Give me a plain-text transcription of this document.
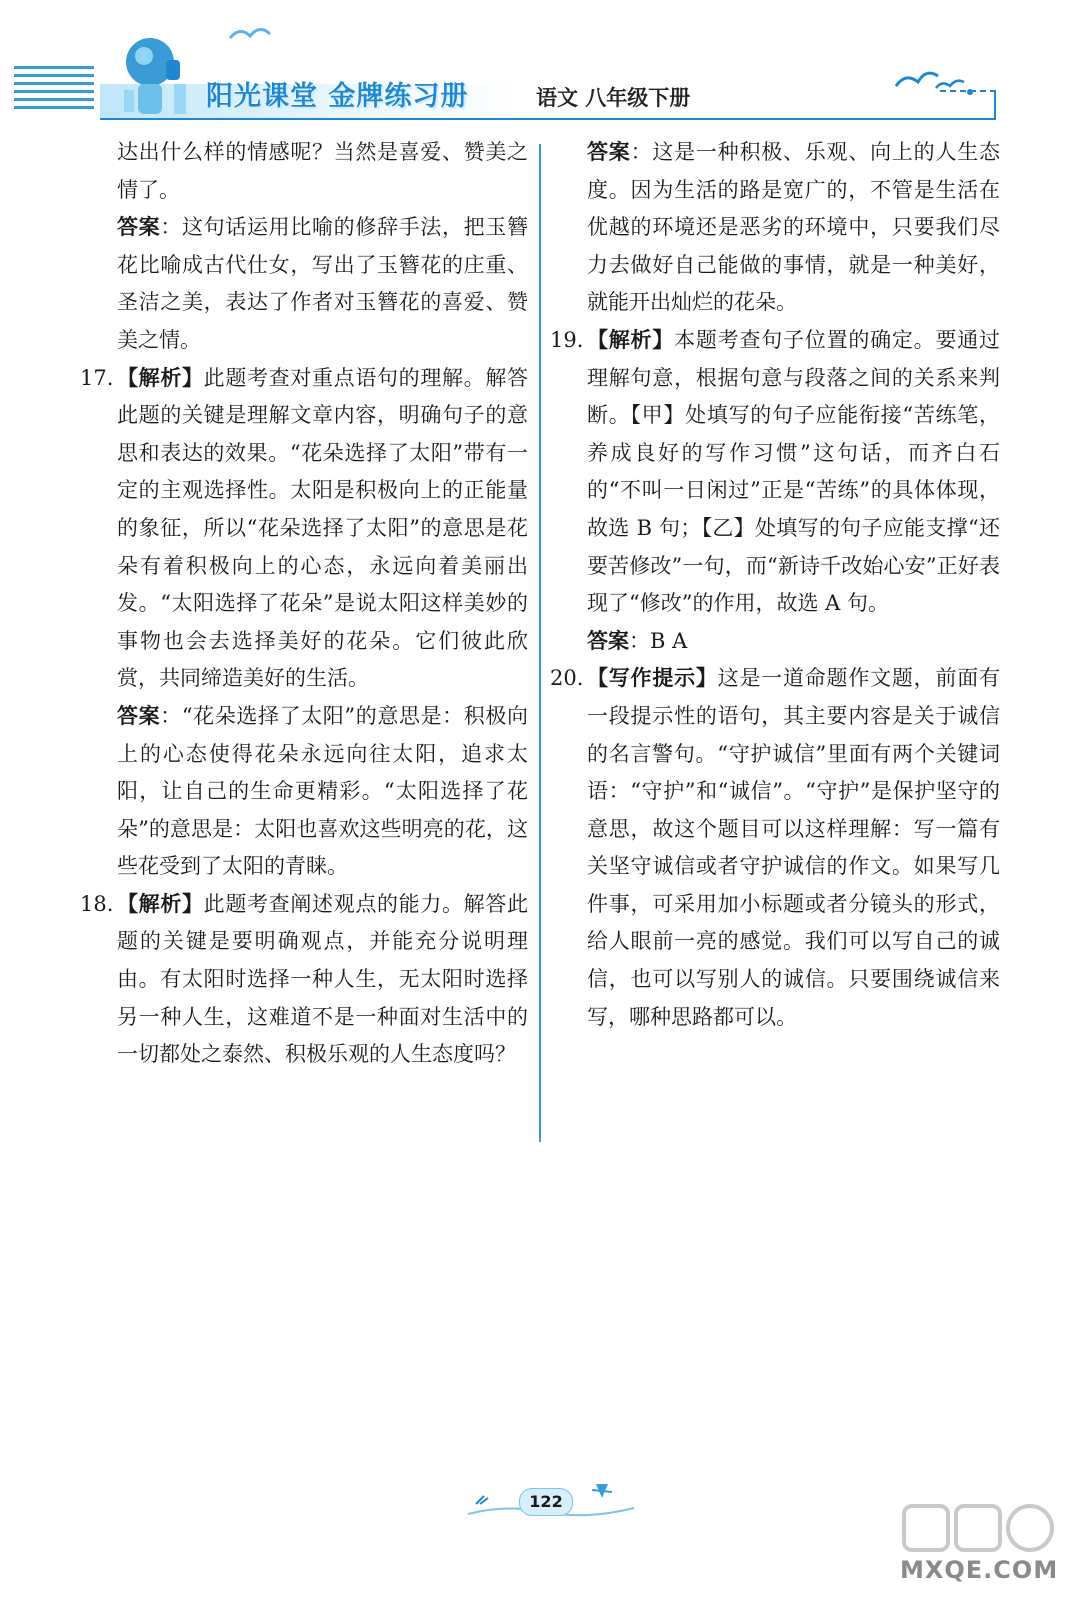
阳光课堂 金牌练习册	语文 八年级下册
达出什么样的情感呢？当然是喜爱、赞美之情了。
答案：这句话运用比喻的修辞手法，把玉簪花比喻成古代仕女，写出了玉簪花的庄重、圣洁之美，表达了作者对玉簪花的喜爱、赞美之情。
17. 【解析】此题考查对重点语句的理解。解答此题的关键是理解文章内容，明确句子的意思和表达的效果。“花朵选择了太阳”带有一定的主观选择性。太阳是积极向上的正能量的象征，所以“花朵选择了太阳”的意思是花朵有着积极向上的心态，永远向着美丽出发。“太阳选择了花朵”是说太阳这样美妙的事物也会去选择美好的花朵。它们彼此欣赏，共同缔造美好的生活。
答案：“花朵选择了太阳”的意思是：积极向上的心态使得花朵永远向往太阳，追求太阳，让自己的生命更精彩。“太阳选择了花朵”的意思是：太阳也喜欢这些明亮的花，这些花受到了太阳的青睐。
18. 【解析】此题考查阐述观点的能力。解答此题的关键是要明确观点，并能充分说明理由。有太阳时选择一种人生，无太阳时选择另一种人生，这难道不是一种面对生活中的一切都处之泰然、积极乐观的人生态度吗？
答案：这是一种积极、乐观、向上的人生态度。因为生活的路是宽广的，不管是生活在优越的环境还是恶劣的环境中，只要我们尽力去做好自己能做的事情，就是一种美好，就能开出灿烂的花朵。
19. 【解析】本题考查句子位置的确定。要通过理解句意，根据句意与段落之间的关系来判断。【甲】处填写的句子应能衔接“苦练笔，养成良好的写作习惯”这句话，而齐白石的“不叫一日闲过”正是“苦练”的具体体现，故选 B 句；【乙】处填写的句子应能支撑“还要苦修改”一句，而“新诗千改始心安”正好表现了“修改”的作用，故选 A 句。
答案：B A
20. 【写作提示】这是一道命题作文题，前面有一段提示性的语句，其主要内容是关于诚信的名言警句。“守护诚信”里面有两个关键词语：“守护”和“诚信”。“守护”是保护坚守的意思，故这个题目可以这样理解：写一篇有关坚守诚信或者守护诚信的作文。如果写几件事，可采用加小标题或者分镜头的形式，给人眼前一亮的感觉。我们可以写自己的诚信，也可以写别人的诚信。只要围绕诚信来写，哪种思路都可以。
122
MXQE.COM
